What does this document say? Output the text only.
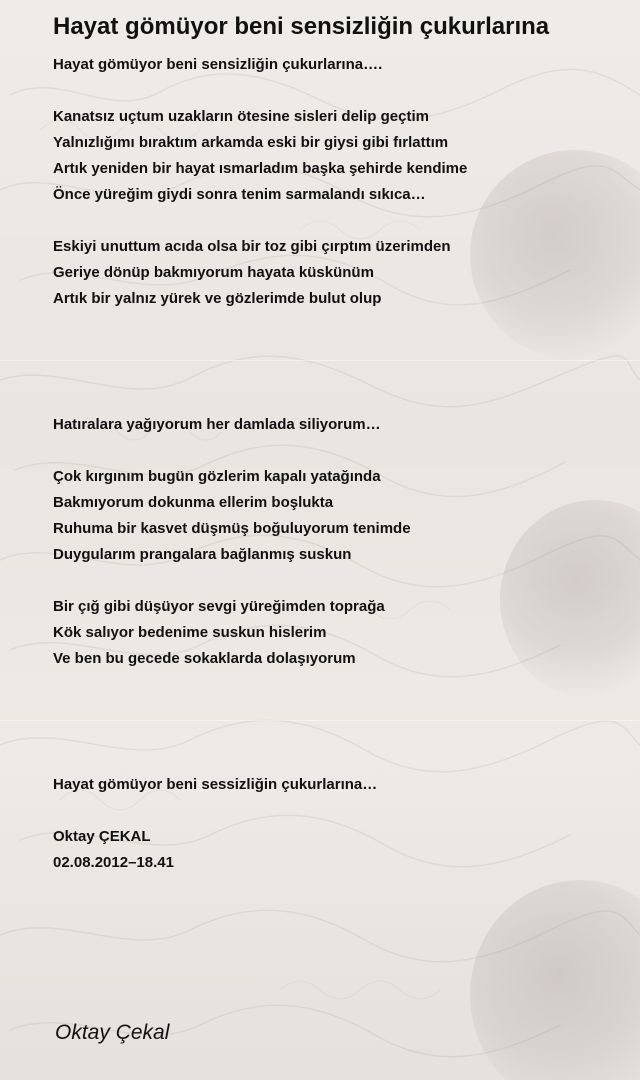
Hayat gömüyor beni sensizliğin çukurlarına
Hayat gömüyor beni sensizliğin çukurlarına….
Kanatsız uçtum uzakların ötesine sisleri delip geçtim
Yalnızlığımı bıraktım arkamda eski bir giysi gibi fırlattım
Artık yeniden bir hayat ısmarladım başka şehirde kendime
Önce yüreğim giydi sonra tenim sarmalandı sıkıca…
Eskiyi unuttum acıda olsa bir toz gibi çırptım üzerimden
Geriye dönüp bakmıyorum hayata küskünüm
Artık bir yalnız yürek ve gözlerimde bulut olup
Hatıralara yağıyorum her damlada siliyorum…
Çok kırgınım bugün gözlerim kapalı yatağında
Bakmıyorum dokunma ellerim boşlukta
Ruhuma bir kasvet düşmüş boğuluyorum tenimde
Duygularım prangalara bağlanmış suskun
Bir çığ gibi düşüyor sevgi yüreğimden toprağa
Kök salıyor bedenime suskun hislerim
Ve ben bu gecede sokaklarda dolaşıyorum
Hayat gömüyor beni sessizliğin çukurlarına…
Oktay ÇEKAL
02.08.2012–18.41
Oktay Çekal
